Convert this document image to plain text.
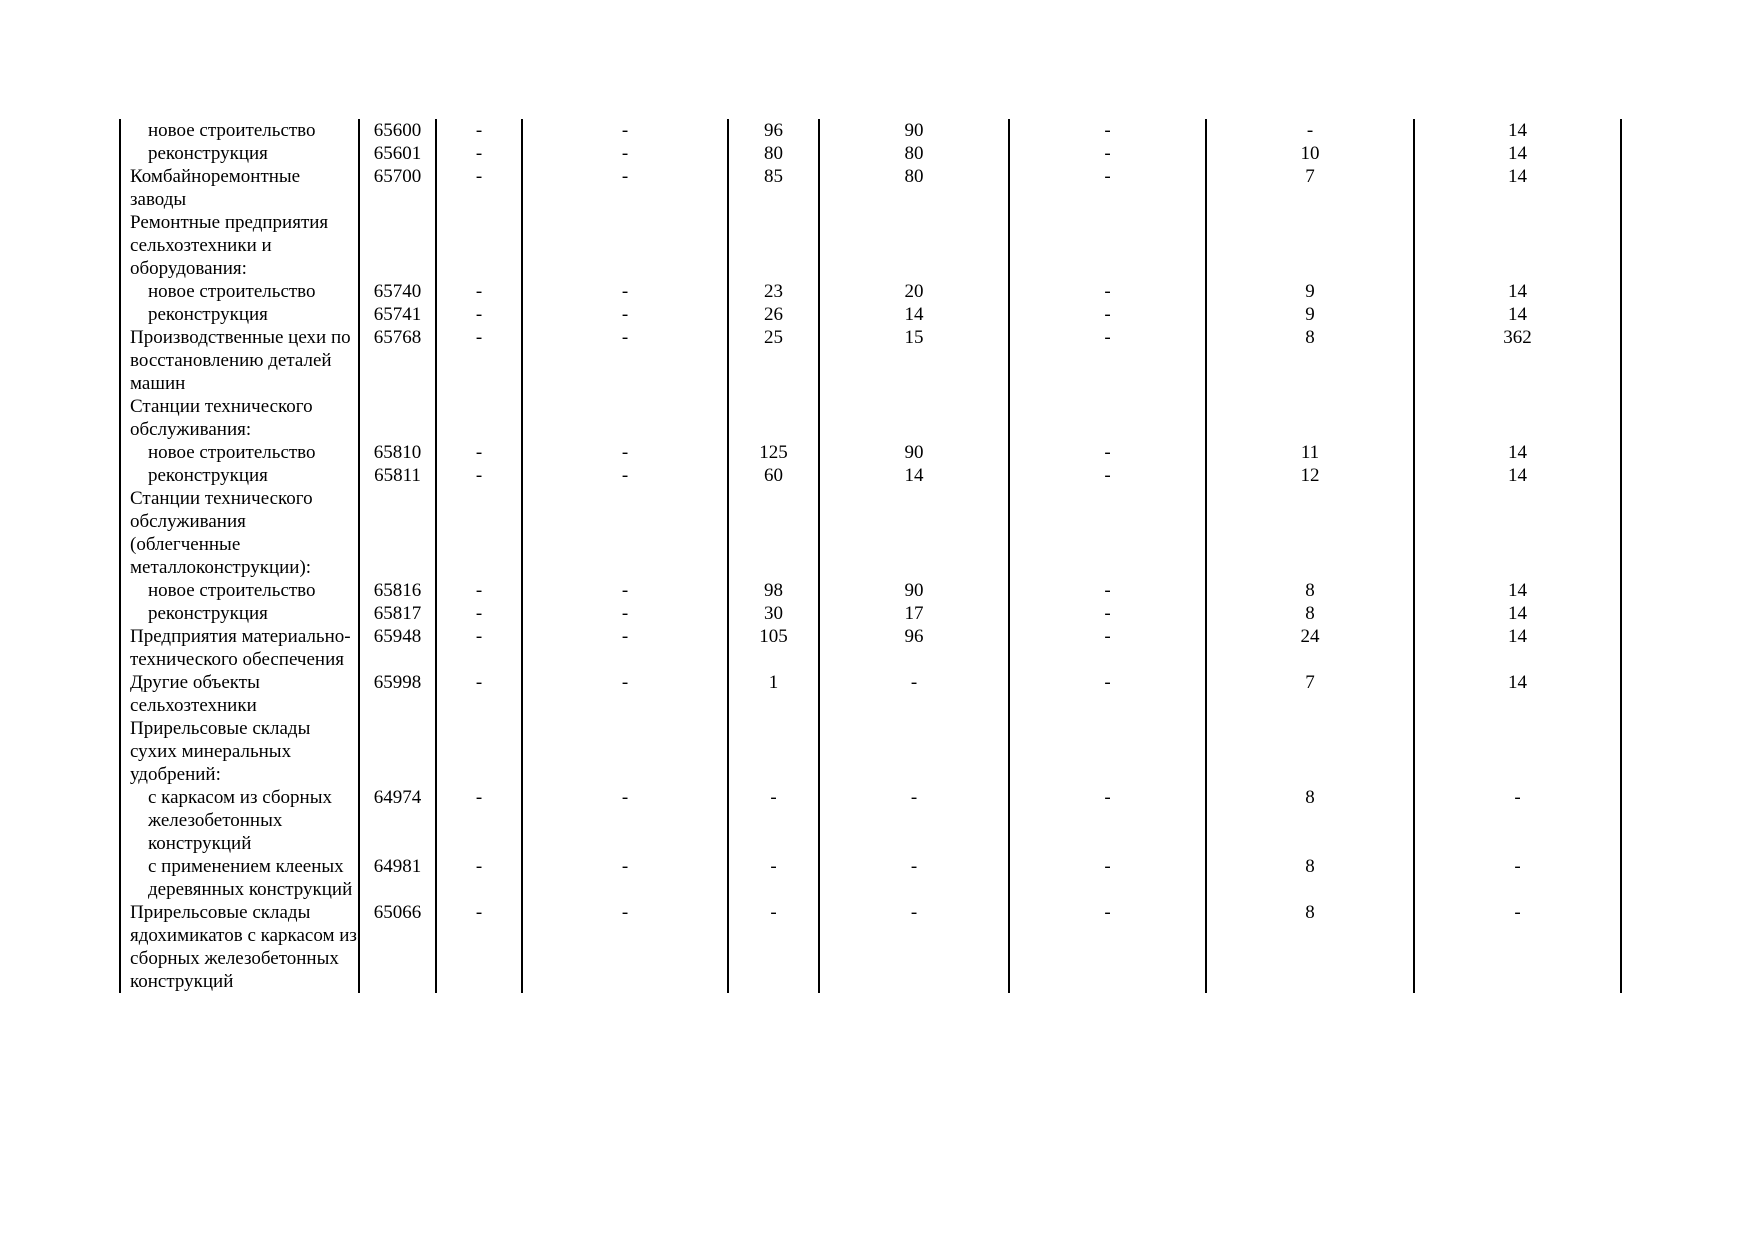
новое строительство	65600	-	-	96	90	-	-	14	

реконструкция	65601	-	-	80	80	-	10	14	

Комбайноремонтные заводы	65700	-	-	85	80	-	7	14	

Ремонтные предприятия сельхозтехники и оборудования:									

новое строительство	65740	-	-	23	20	-	9	14	

реконструкция	65741	-	-	26	14	-	9	14	

Производственные цехи по восстановлению деталей машин	65768	-	-	25	15	-	8	362	

Станции технического обслуживания:									

новое строительство	65810	-	-	125	90	-	11	14	

реконструкция	65811	-	-	60	14	-	12	14	

Станции технического обслуживания (облегченные металлоконструкции):									

новое строительство	65816	-	-	98	90	-	8	14	

реконструкция	65817	-	-	30	17	-	8	14	

Предприятия материально-технического обеспечения	65948	-	-	105	96	-	24	14	

Другие объекты сельхозтехники	65998	-	-	1	-	-	7	14	

Прирельсовые склады сухих минеральных удобрений:									

с каркасом из сборных железобетонных конструкций	64974	-	-	-	-	-	8	-	

с применением клееных деревянных конструкций	64981	-	-	-	-	-	8	-	

Прирельсовые склады ядохимикатов с каркасом из сборных железобетонных конструкций	65066	-	-	-	-	-	8	-	
